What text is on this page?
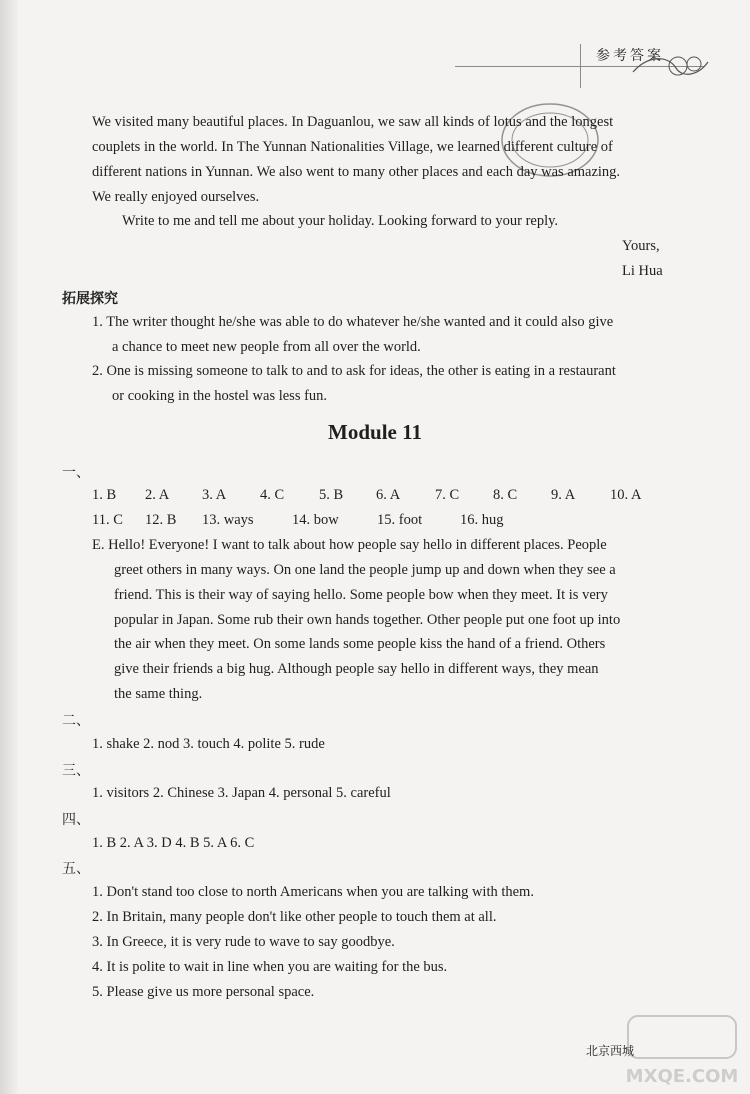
参考答案
We visited many beautiful places. In Daguanlou, we saw all kinds of lotus and the longest
couplets in the world. In The Yunnan Nationalities Village, we learned different culture of
different nations in Yunnan. We also went to many other places and each day was amazing.
We really enjoyed ourselves.
Write to me and tell me about your holiday. Looking forward to your reply.
Yours,
Li Hua
拓展探究
1. The writer thought he/she was able to do whatever he/she wanted and it could also give
a chance to meet new people from all over the world.
2. One is missing someone to talk to and to ask for ideas, the other is eating in a restaurant
or cooking in the hostel was less fun.
Module 11
一、
1. B 2. A 3. A 4. C 5. B 6. A 7. C 8. C 9. A 10. A
11. C 12. B 13. ways	14. bow	15. foot	16. hug
E. Hello! Everyone! I want to talk about how people say hello in different places. People
greet others in many ways. On one land the people jump up and down when they see a
friend. This is their way of saying hello. Some people bow when they meet. It is very
popular in Japan. Some rub their own hands together. Other people put one foot up into
the air when they meet. On some lands some people kiss the hand of a friend. Others
give their friends a big hug. Although people say hello in different ways, they mean
the same thing.
二、
1. shake 2. nod 3. touch 4. polite 5. rude
三、
1. visitors 2. Chinese 3. Japan 4. personal 5. careful
四、
1. B 2. A 3. D 4. B 5. A 6. C
五、
1. Don't stand too close to north Americans when you are talking with them.
2. In Britain, many people don't like other people to touch them at all.
3. In Greece, it is very rude to wave to say goodbye.
4. It is polite to wait in line when you are waiting for the bus.
5. Please give us more personal space.
北京西城
MXQE.COM
